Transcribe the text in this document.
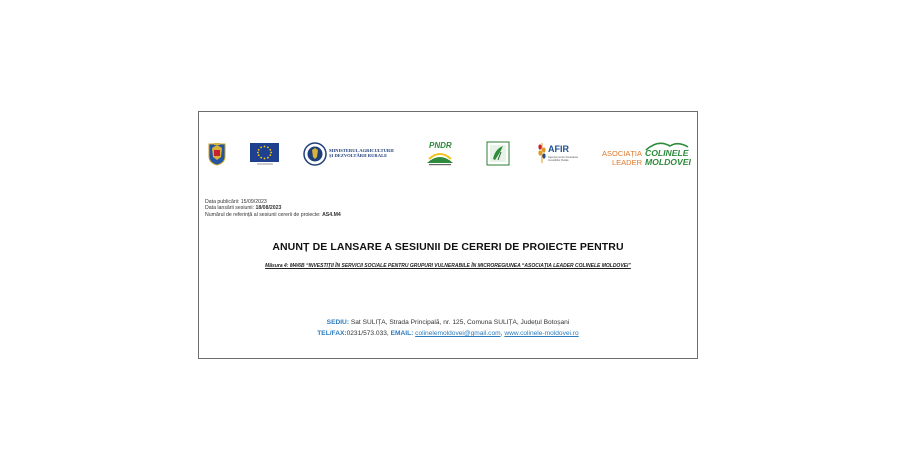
MINISTERUL AGRICULTURII
ȘI DEZVOLTĂRII RURALE
PNDR	AFIR
Agenția pentru Finanțarea Investițiilor Rurale
ASOCIAȚIA
LEADER
COLINELE
MOLDOVEI
Data publicării: 15/09/2023
Data lansării sesiunii: 18/08/2023
Numărul de referință al sesiunii cererii de proiecte: AS4.M4
ANUNȚ DE LANSARE A SESIUNII DE CERERI DE PROIECTE PENTRU
Măsura 4: M4/6B “INVESTIȚII ÎN SERVICII SOCIALE PENTRU GRUPURI VULNERABILE ÎN MICROREGIUNEA “ASOCIAȚIA LEADER COLINELE MOLDOVEI”
SEDIU: Sat SULIȚA, Strada Principală, nr. 125, Comuna SULIȚA, Județul Botoșani
TEL/FAX:0231/573.033, EMAIL: colinelemoldovei@gmail.com, www.colinele-moldovei.ro
